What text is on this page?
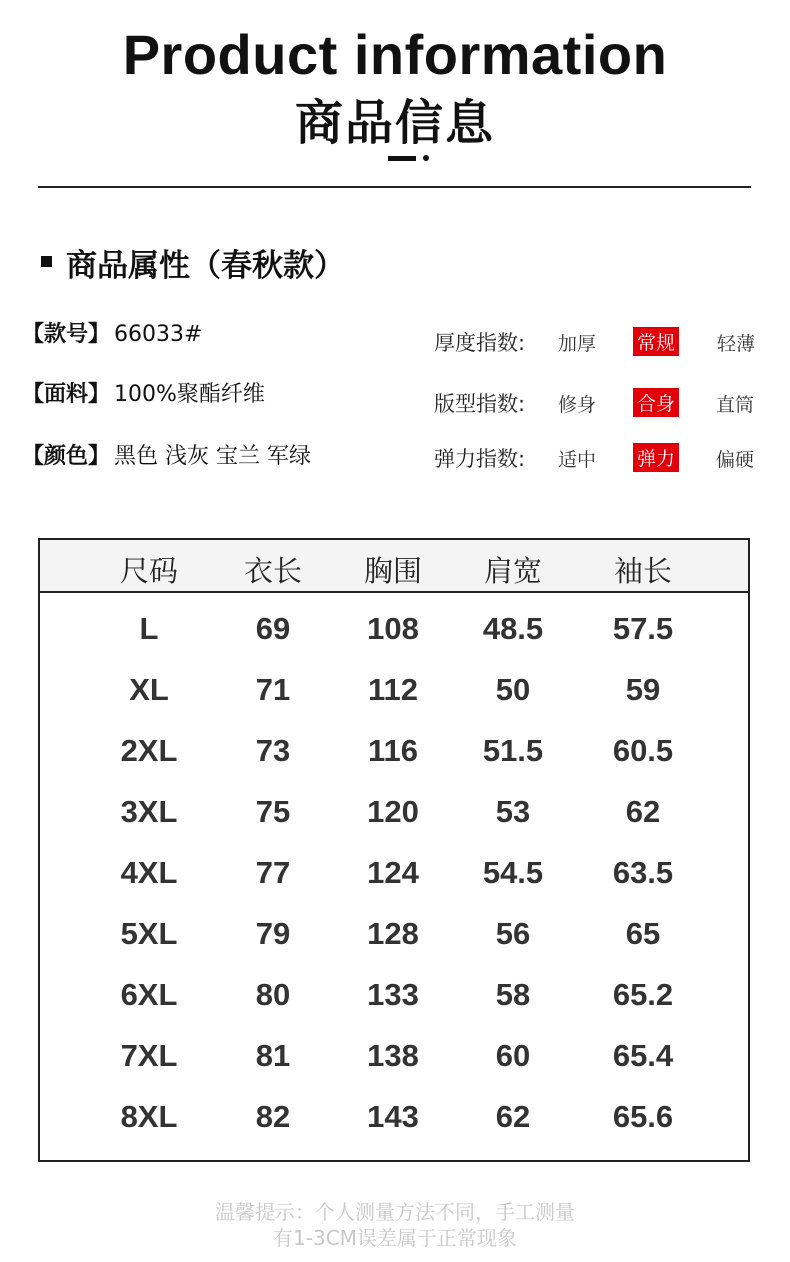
Product information
商品信息
商品属性（春秋款）
【款号】 66033#
【面料】 100%聚酯纤维
【颜色】 黑色 浅灰 宝兰 军绿
厚度指数: 加厚 常规 轻薄
版型指数: 修身 合身 直筒
弹力指数: 适中 弹力 偏硬
尺码	衣长	胸围	肩宽	袖长
L	69	108	48.5	57.5
XL	71	112	50	59
2XL	73	116	51.5	60.5
3XL	75	120	53	62
4XL	77	124	54.5	63.5
5XL	79	128	56	65
6XL	80	133	58	65.2
7XL	81	138	60	65.4
8XL	82	143	62	65.6
温馨提示：个人测量方法不同，手工测量
有1-3CM误差属于正常现象
